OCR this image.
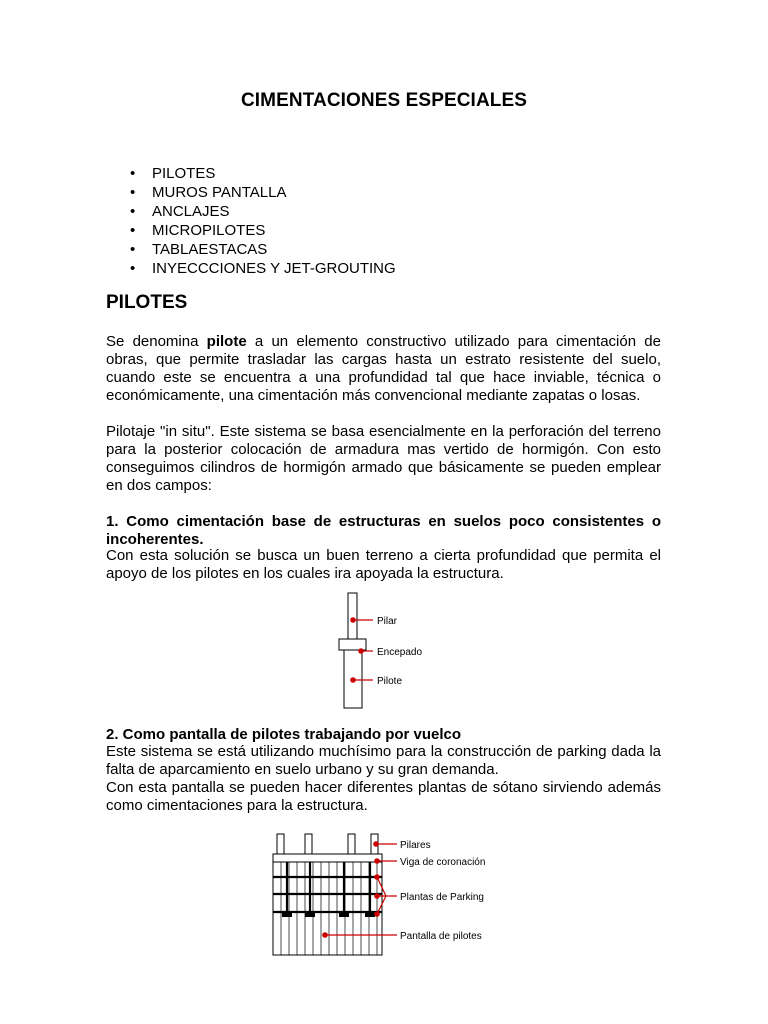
CIMENTACIONES ESPECIALES
• PILOTES
• MUROS PANTALLA
• ANCLAJES
• MICROPILOTES
• TABLAESTACAS
• INYECCCIONES Y JET-GROUTING
PILOTES
Se denomina pilote a un elemento constructivo utilizado para cimentación de obras, que permite trasladar las cargas hasta un estrato resistente del suelo, cuando este se encuentra a una profundidad tal que hace inviable, técnica o económicamente, una cimentación más convencional mediante zapatas o losas.
Pilotaje "in situ". Este sistema se basa esencialmente en la perforación del terreno para la posterior colocación de armadura mas vertido de hormigón. Con esto conseguimos cilindros de hormigón armado que básicamente se pueden emplear en dos campos:
1. Como cimentación base de estructuras en suelos poco consistentes o incoherentes.
Con esta solución se busca un buen terreno a cierta profundidad que permita el apoyo de los pilotes en los cuales ira apoyada la estructura.
Pilar
Encepado
Pilote
2. Como pantalla de pilotes trabajando por vuelco
Este sistema se está utilizando muchísimo para la construcción de parking dada la falta de aparcamiento en suelo urbano y su gran demanda.
Con esta pantalla se pueden hacer diferentes plantas de sótano sirviendo además como cimentaciones para la estructura.
Pilares
Viga de coronación
Plantas de Parking
Pantalla de pilotes
